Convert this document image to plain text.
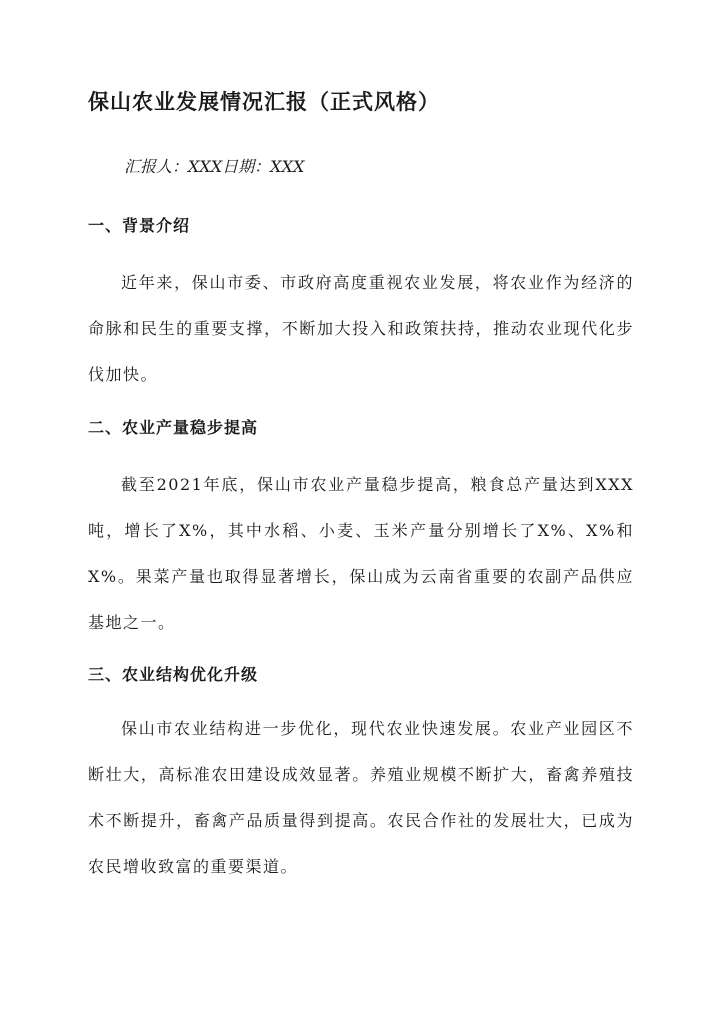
保山农业发展情况汇报（正式风格）
汇报人：XXX日期：XXX
一、背景介绍

近年来，保山市委、市政府高度重视农业发展，将农业作为经济的命脉和民生的重要支撑，不断加大投入和政策扶持，推动农业现代化步伐加快。

二、农业产量稳步提高

截至2021年底，保山市农业产量稳步提高，粮食总产量达到XXX吨，增长了X%，其中水稻、小麦、玉米产量分别增长了X%、X%和X%。果菜产量也取得显著增长，保山成为云南省重要的农副产品供应基地之一。

三、农业结构优化升级

保山市农业结构进一步优化，现代农业快速发展。农业产业园区不断壮大，高标准农田建设成效显著。养殖业规模不断扩大，畜禽养殖技术不断提升，畜禽产品质量得到提高。农民合作社的发展壮大，已成为农民增收致富的重要渠道。
